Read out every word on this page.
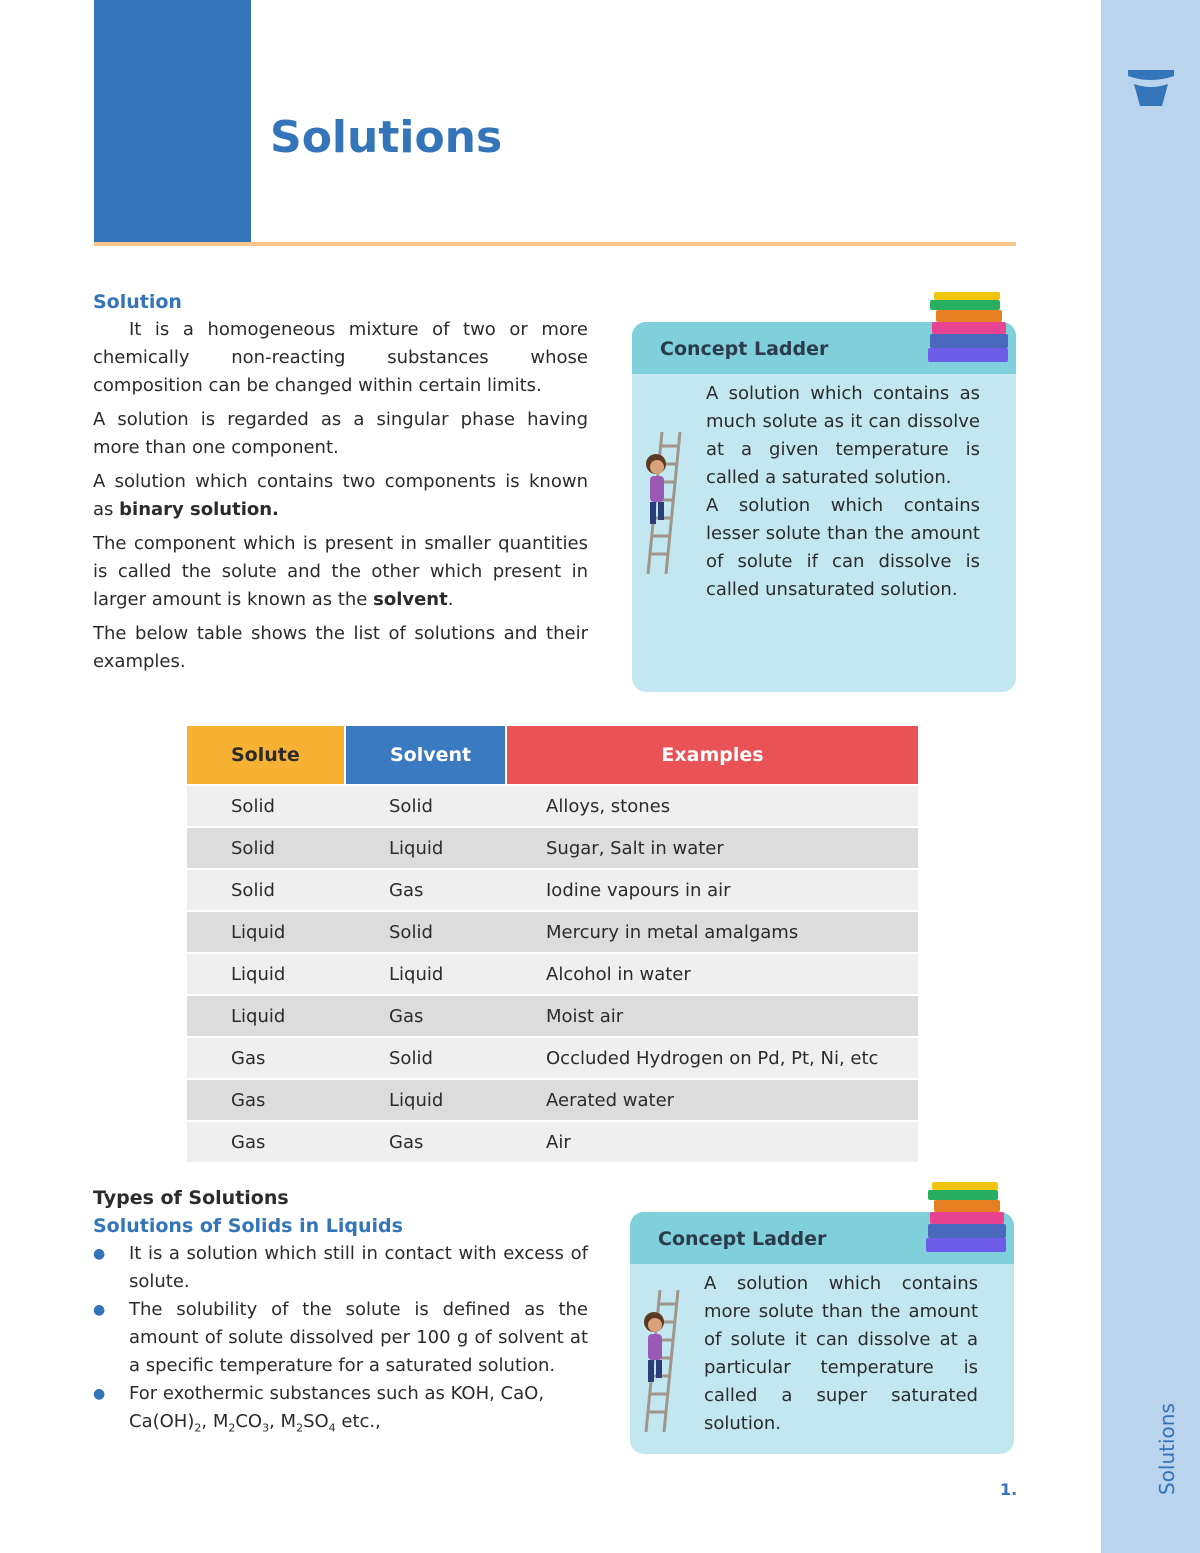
Solutions
Solutions
1.
Solution

It is a homogeneous mixture of two or more chemically non-reacting substances whose composition can be changed within certain limits.

A solution is regarded as a singular phase having more than one component.

A solution which contains two components is known as binary solution.

The component which is present in smaller quantities is called the solute and the other which present in larger amount is known as the solvent.

The below table shows the list of solutions and their examples.

Concept Ladder

A solution which contains as much solute as it can dissolve at a given temperature is called a saturated solution.

A solution which contains lesser solute than the amount of solute if can dissolve is called unsaturated solution.

Solute	Solvent	Examples
Solid	Solid	Alloys, stones
Solid	Liquid	Sugar, Salt in water
Solid	Gas	Iodine vapours in air
Liquid	Solid	Mercury in metal amalgams
Liquid	Liquid	Alcohol in water
Liquid	Gas	Moist air
Gas	Solid	Occluded Hydrogen on Pd, Pt, Ni, etc
Gas	Liquid	Aerated water
Gas	Gas	Air
Types of Solutions
Solutions of Solids in Liquids
● It is a solution which still in contact with excess of solute.
● The solubility of the solute is defined as the amount of solute dissolved per 100 g of solvent at a specific temperature for a saturated solution.
● For exothermic substances such as KOH, CaO,
$Ca(OH)_2$, $M_2CO_3$, $M_2SO_4$ etc.,
Concept Ladder

A solution which contains more solute than the amount of solute it can dissolve at a particular temperature is called a super saturated solution.
